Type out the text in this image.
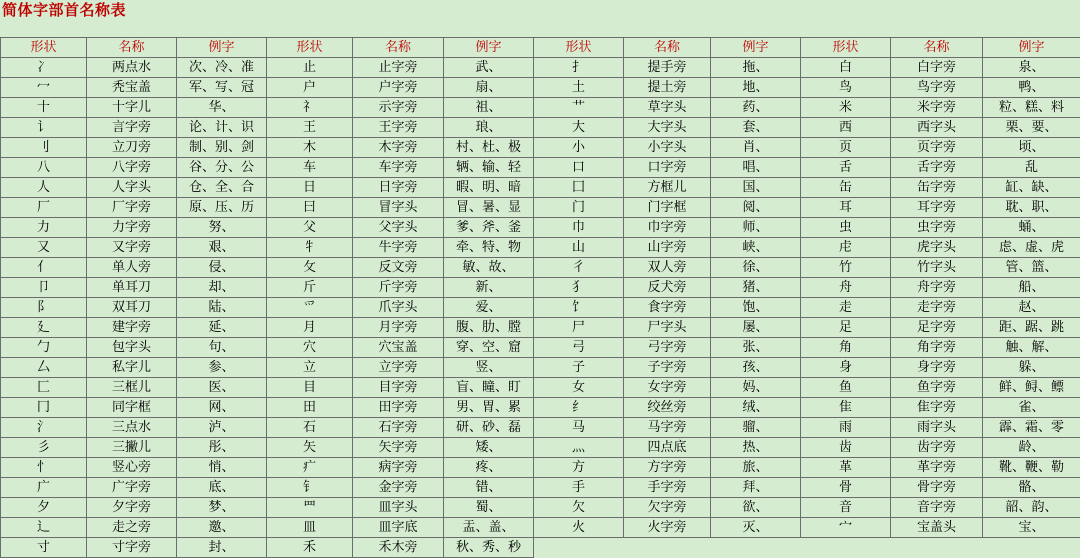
简体字部首名称表
形状	名称	例字	形状	名称	例字	形状	名称	例字	形状	名称	例字
冫	两点水	次、冷、准	止	止字旁	武、	扌	提手旁	拖、	白	白字旁	泉、
冖	秃宝盖	军、写、冠	户	户字旁	扇、	土	提土旁	地、	鸟	鸟字旁	鸭、
十	十字儿	华、	礻	示字旁	祖、	艹	草字头	药、	米	米字旁	粒、糕、料
讠	言字旁	论、计、识	王	王字旁	琅、	大	大字头	套、	西	西字头	栗、要、
刂	立刀旁	制、别、剑	木	木字旁	村、杜、极	小	小字头	肖、	页	页字旁	顷、
八	八字旁	谷、分、公	车	车字旁	辆、输、轻	口	口字旁	唱、	舌	舌字旁	乱
人	人字头	仓、全、合	日	日字旁	暇、明、暗	囗	方框儿	国、	缶	缶字旁	缸、缺、
厂	厂字旁	原、压、历	曰	冒字头	冒、暑、显	门	门字框	阅、	耳	耳字旁	耽、职、
力	力字旁	努、	父	父字头	爹、斧、釜	巾	巾字旁	师、	虫	虫字旁	蛹、
又	又字旁	艰、	牜	牛字旁	牵、特、物	山	山字旁	峡、	虍	虎字头	虑、虚、虎
亻	单人旁	侵、	攵	反文旁	敏、故、	彳	双人旁	徐、	竹	竹字头	管、篮、
卩	单耳刀	却、	斤	斤字旁	新、	犭	反犬旁	猪、	舟	舟字旁	船、
阝	双耳刀	陆、	爫	爪字头	爱、	饣	食字旁	饱、	走	走字旁	赵、
廴	建字旁	延、	月	月字旁	腹、肋、膛	尸	尸字头	屡、	足	足字旁	距、踞、跳
勹	包字头	句、	穴	穴宝盖	穿、空、窟	弓	弓字旁	张、	角	角字旁	触、解、
厶	私字儿	参、	立	立字旁	竖、	子	子字旁	孩、	身	身字旁	躲、
匚	三框儿	医、	目	目字旁	盲、瞳、盯	女	女字旁	妈、	鱼	鱼字旁	鲜、鲟、鳔
冂	同字框	网、	田	田字旁	男、胃、累	纟	绞丝旁	绒、	隹	隹字旁	雀、
氵	三点水	泸、	石	石字旁	研、砂、磊	马	马字旁	骝、	雨	雨字头	霹、霜、零
彡	三撇儿	彤、	矢	矢字旁	矮、	灬	四点底	热、	齿	齿字旁	龄、
忄	竖心旁	悄、	疒	病字旁	疼、	方	方字旁	旅、	革	革字旁	靴、鞭、勒
广	广字旁	底、	钅	金字旁	错、	手	手字旁	拜、	骨	骨字旁	骼、
夕	夕字旁	梦、	罒	皿字头	蜀、	欠	欠字旁	欲、	音	音字旁	韶、韵、
辶	走之旁	邀、	皿	皿字底	盂、盖、	火	火字旁	灭、	宀	宝盖头	宝、
寸	寸字旁	封、	禾	禾木旁	秋、秀、秒						
